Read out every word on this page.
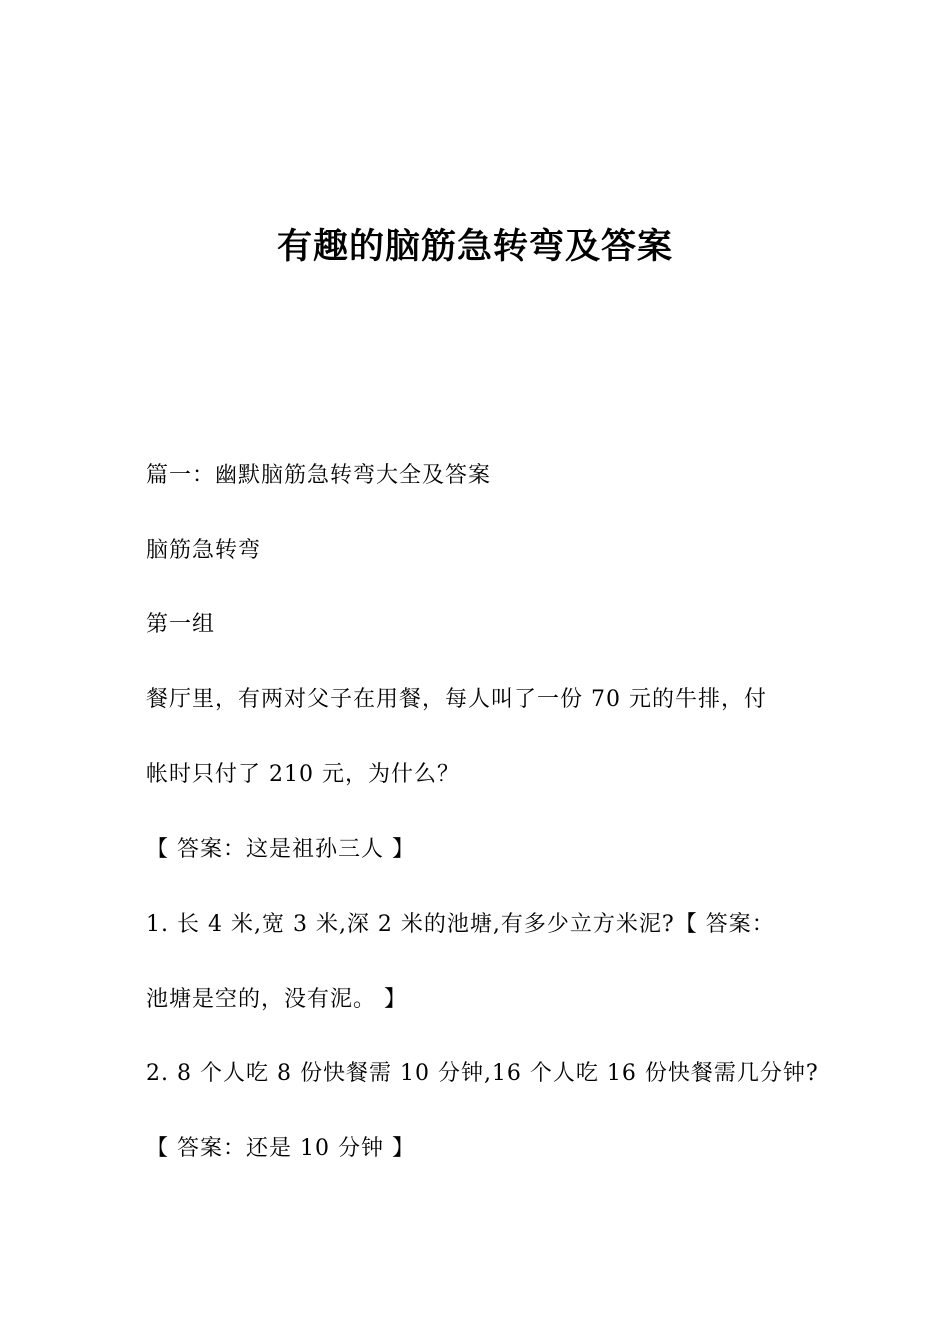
有趣的脑筋急转弯及答案
篇一：幽默脑筋急转弯大全及答案
脑筋急转弯
第一组
餐厅里，有两对父子在用餐，每人叫了一份 70 元的牛排，付
帐时只付了 210 元，为什么？
【 答案：这是祖孙三人 】
1. 长 4 米,宽 3 米,深 2 米的池塘,有多少立方米泥?【 答案：
池塘是空的，没有泥。 】
2. 8 个人吃 8 份快餐需 10 分钟,16 个人吃 16 份快餐需几分钟?
【 答案：还是 10 分钟 】
